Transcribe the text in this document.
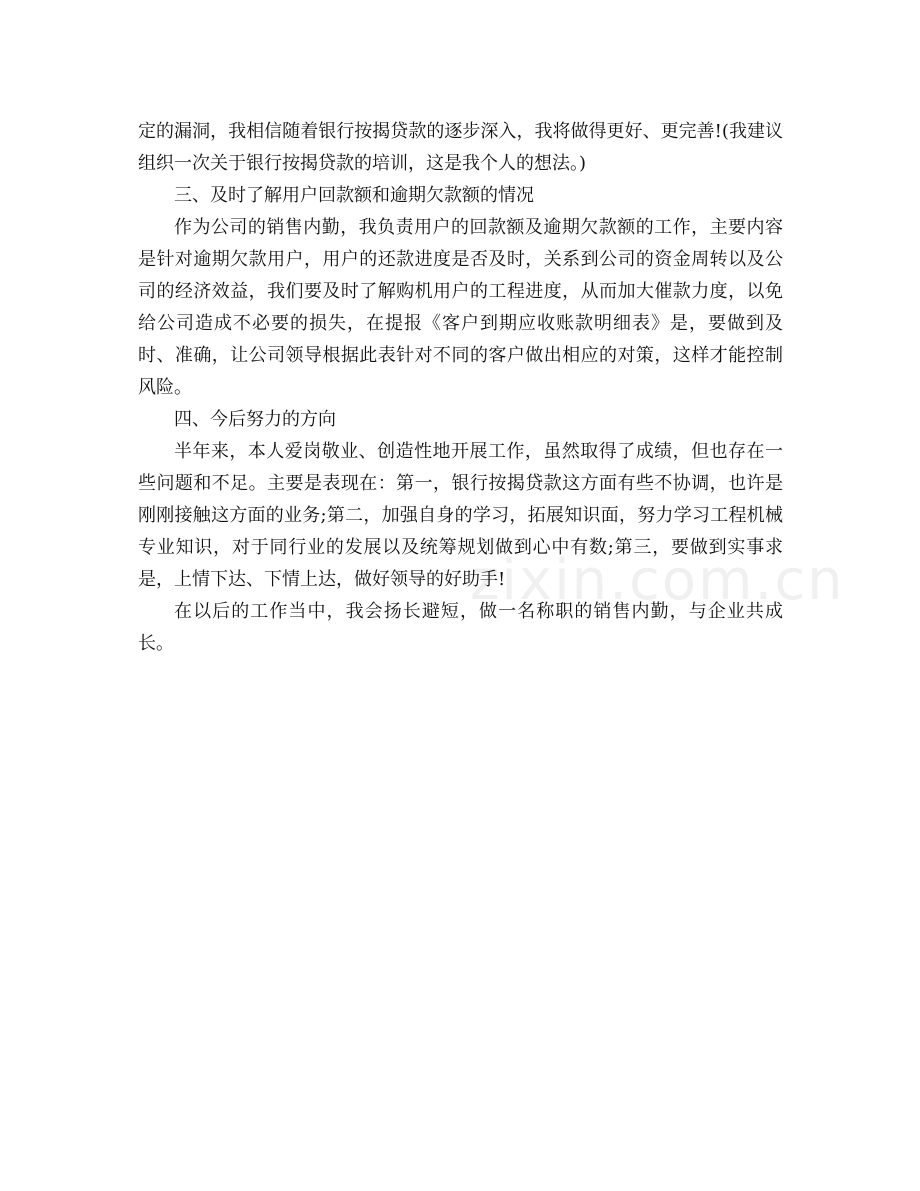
定的漏洞，我相信随着银行按揭贷款的逐步深入，我将做得更好、更完善!(我建议组织一次关于银行按揭贷款的培训，这是我个人的想法。)

三、及时了解用户回款额和逾期欠款额的情况

作为公司的销售内勤，我负责用户的回款额及逾期欠款额的工作，主要内容是针对逾期欠款用户，用户的还款进度是否及时，关系到公司的资金周转以及公司的经济效益，我们要及时了解购机用户的工程进度，从而加大催款力度，以免给公司造成不必要的损失，在提报《客户到期应收账款明细表》是，要做到及时、准确，让公司领导根据此表针对不同的客户做出相应的对策，这样才能控制风险。

四、今后努力的方向

半年来，本人爱岗敬业、创造性地开展工作，虽然取得了成绩，但也存在一些问题和不足。主要是表现在：第一，银行按揭贷款这方面有些不协调，也许是刚刚接触这方面的业务;第二，加强自身的学习，拓展知识面，努力学习工程机械专业知识，对于同行业的发展以及统筹规划做到心中有数;第三，要做到实事求是，上情下达、下情上达，做好领导的好助手!

在以后的工作当中，我会扬长避短，做一名称职的销售内勤，与企业共成长。

zixin.com.cn
